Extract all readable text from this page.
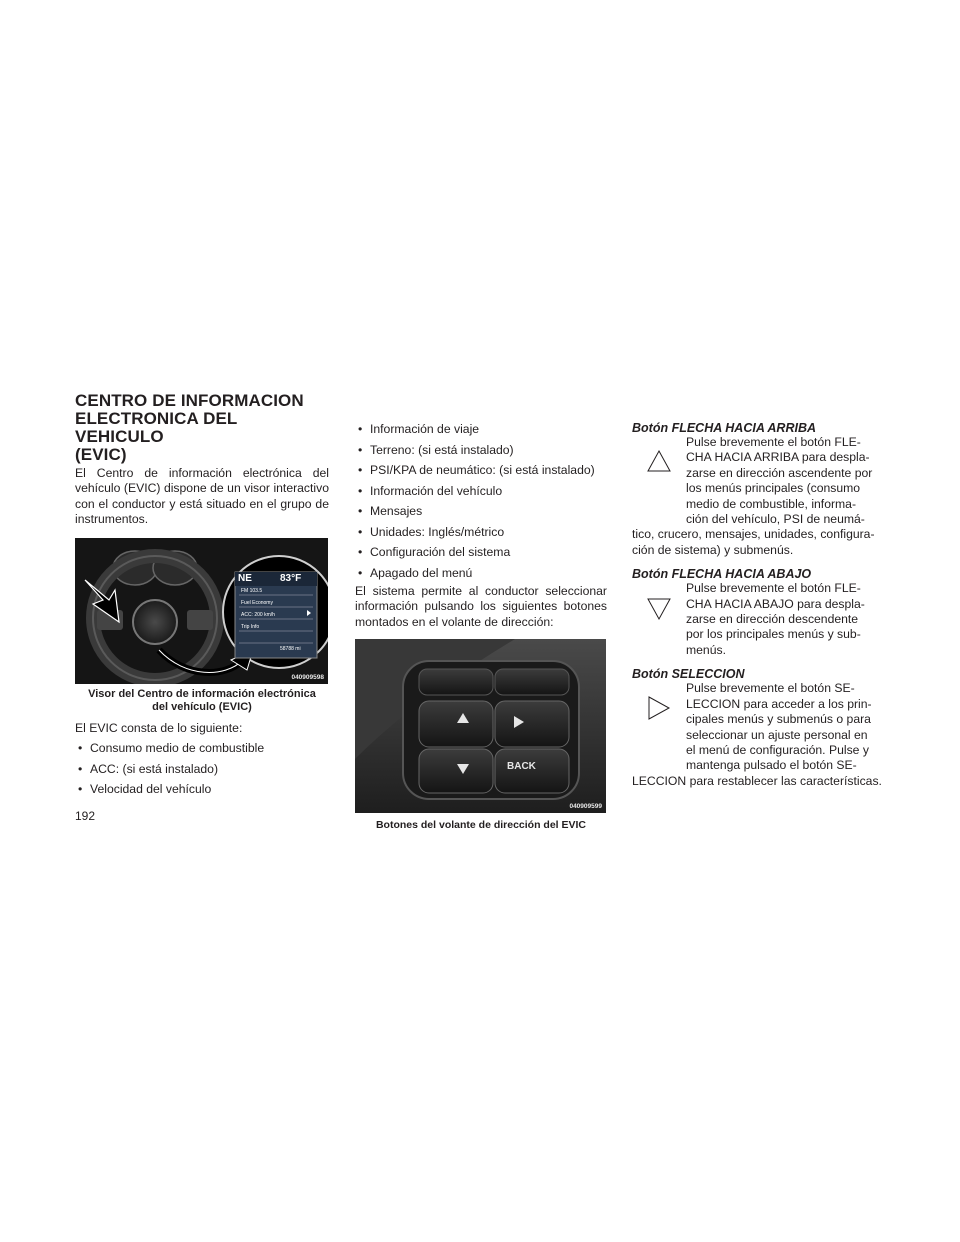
CENTRO DE INFORMACION
ELECTRONICA DEL VEHICULO
(EVIC)

El Centro de información electrónica del vehículo (EVIC) dispone de un visor interactivo con el conductor y está situado en el grupo de instrumentos.

NE	83°F
FM 103.5
Fuel Economy
ACC: 200 km/h
Trip Info
58788 mi
040909598

Visor del Centro de información electrónica
del vehículo (EVIC)

El EVIC consta de lo siguiente:

• Consumo medio de combustible
• ACC: (si está instalado)
• Velocidad del vehículo
• Información de viaje
• Terreno: (si está instalado)
• PSI/KPA de neumático: (si está instalado)
• Información del vehículo
• Mensajes
• Unidades: Inglés/métrico
• Configuración del sistema
• Apagado del menú

El sistema permite al conductor seleccionar información pulsando los siguientes botones montados en el volante de dirección:

BACK
040909599

Botones del volante de dirección del EVIC

Botón FLECHA HACIA ARRIBA

Pulse brevemente el botón FLE-
CHA HACIA ARRIBA para despla-
zarse en dirección ascendente por
los menús principales (consumo
medio de combustible, informa-
ción del vehículo, PSI de neumá-
tico, crucero, mensajes, unidades, configura-
ción de sistema) y submenús.

Botón FLECHA HACIA ABAJO

Pulse brevemente el botón FLE-
CHA HACIA ABAJO para despla-
zarse en dirección descendente
por los principales menús y sub-
menús.

Botón SELECCION

Pulse brevemente el botón SE-
LECCION para acceder a los prin-
cipales menús y submenús o para
seleccionar un ajuste personal en
el menú de configuración. Pulse y
mantenga pulsado el botón SE-
LECCION para restablecer las características.
192
